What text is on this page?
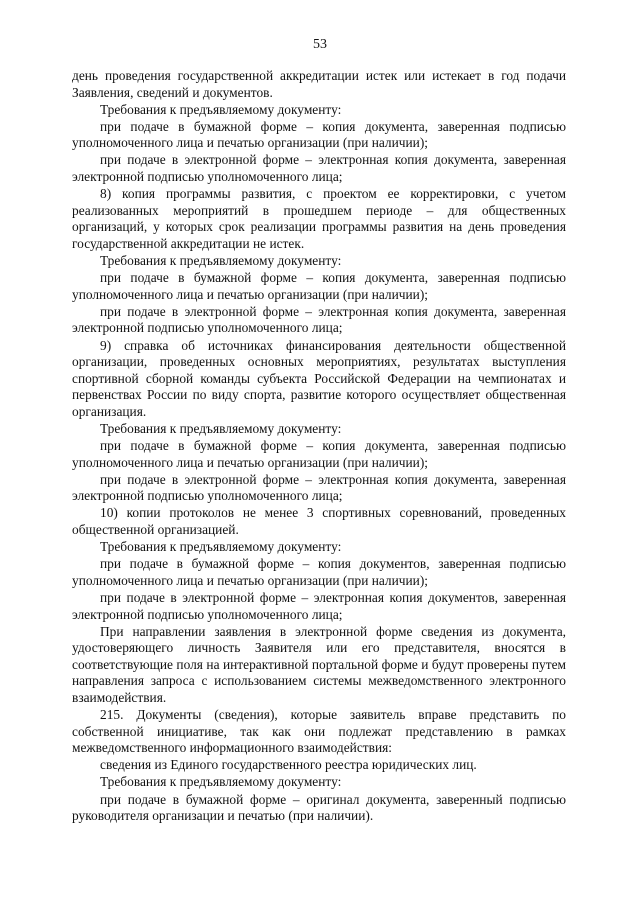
53

день проведения государственной аккредитации истек или истекает в год подачи Заявления, сведений и документов.

Требования к предъявляемому документу:

при подаче в бумажной форме – копия документа, заверенная подписью уполномоченного лица и печатью организации (при наличии);

при подаче в электронной форме – электронная копия документа, заверенная электронной подписью уполномоченного лица;

8) копия программы развития, с проектом ее корректировки, с учетом реализованных мероприятий в прошедшем периоде – для общественных организаций, у которых срок реализации программы развития на день проведения государственной аккредитации не истек.

Требования к предъявляемому документу:

при подаче в бумажной форме – копия документа, заверенная подписью уполномоченного лица и печатью организации (при наличии);

при подаче в электронной форме – электронная копия документа, заверенная электронной подписью уполномоченного лица;

9) справка об источниках финансирования деятельности общественной организации, проведенных основных мероприятиях, результатах выступления спортивной сборной команды субъекта Российской Федерации на чемпионатах и первенствах России по виду спорта, развитие которого осуществляет общественная организация.

Требования к предъявляемому документу:

при подаче в бумажной форме – копия документа, заверенная подписью уполномоченного лица и печатью организации (при наличии);

при подаче в электронной форме – электронная копия документа, заверенная электронной подписью уполномоченного лица;

10) копии протоколов не менее 3 спортивных соревнований, проведенных общественной организацией.

Требования к предъявляемому документу:

при подаче в бумажной форме – копия документов, заверенная подписью уполномоченного лица и печатью организации (при наличии);

при подаче в электронной форме – электронная копия документов, заверенная электронной подписью уполномоченного лица;

При направлении заявления в электронной форме сведения из документа, удостоверяющего личность Заявителя или его представителя, вносятся в соответствующие поля на интерактивной портальной форме и будут проверены путем направления запроса с использованием системы межведомственного электронного взаимодействия.

215. Документы (сведения), которые заявитель вправе представить по собственной инициативе, так как они подлежат представлению в рамках межведомственного информационного взаимодействия:

сведения из Единого государственного реестра юридических лиц.

Требования к предъявляемому документу:

при подаче в бумажной форме – оригинал документа, заверенный подписью руководителя организации и печатью (при наличии).
